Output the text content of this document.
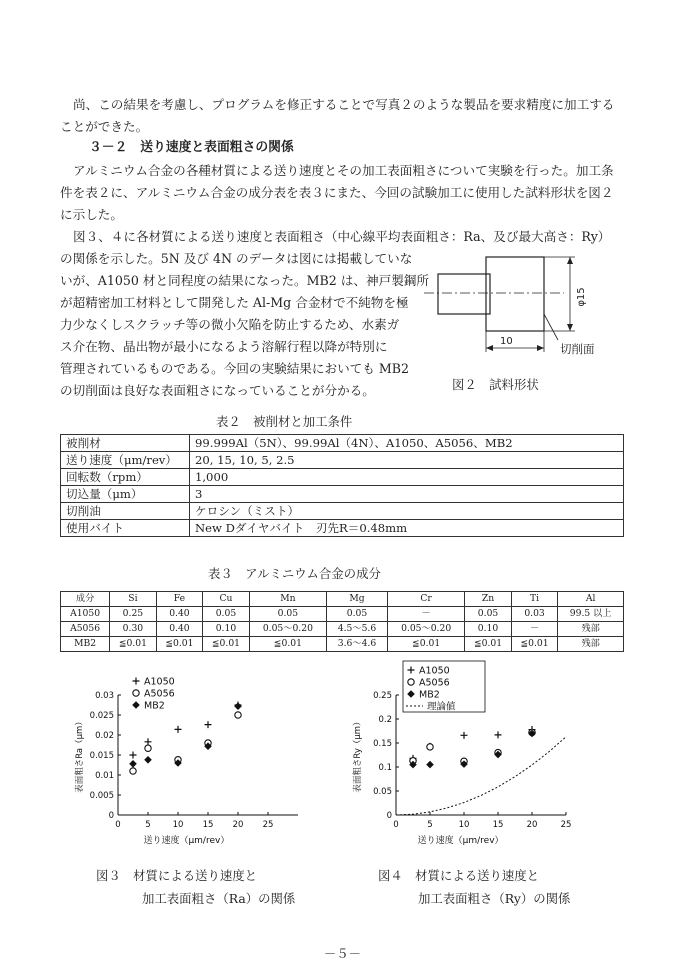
尚、この結果を考慮し、プログラムを修正することで写真２のような製品を要求精度に加工することができた。

３－２　送り速度と表面粗さの関係

アルミニウム合金の各種材質による送り速度とその加工表面粗さについて実験を行った。加工条件を表２に、アルミニウム合金の成分表を表３にまた、今回の試験加工に使用した試料形状を図２に示した。

図３、４に各材質による送り速度と表面粗さ（中心線平均表面粗さ：Ra、及び最大高さ：Ry）
の関係を示した。5N 及び 4N のデータは図には掲載していな
いが、A1050 材と同程度の結果になった。MB2 は、神戸製鋼所
が超精密加工材料として開発した Al-Mg 合金材で不純物を極
力少なくしスクラッチ等の微小欠陥を防止するため、水素ガ
ス介在物、晶出物が最小になるよう溶解行程以降が特別に
管理されているものである。今回の実験結果においても MB2
の切削面は良好な表面粗さになっていることが分かる。
φ15
10
切削面
図２　試料形状
表２　被削材と加工条件
被削材	99.999Al（5N）、99.99Al（4N）、A1050、A5056、MB2
送り速度（μm/rev）	20, 15, 10, 5, 2.5
回転数（rpm）	1,000
切込量（μm）	3
切削油	ケロシン（ミスト）
使用バイト	New Dダイヤバイト　刃先R＝0.48mm
表３　アルミニウム合金の成分
成分	Si	Fe	Cu	Mn	Mg	Cr	Zn	Ti	Al
A1050	0.25	0.40	0.05	0.05	0.05	－	0.05	0.03	99.5 以上
A5056	0.30	0.40	0.10	0.05～0.20	4.5～5.6	0.05～0.20	0.10	－	残部
MB2	≦0.01	≦0.01	≦0.01	≦0.01	3.6～4.6	≦0.01	≦0.01	≦0.01	残部
0
0.005
0.01
0.015
0.02
0.025
0.03
0	5	10 15 20 25
送り速度（μm/rev）
表面粗さRa（μm）
A1050
A5056
MB2
0
0.05
0.1
0.15
0.2
0.25
0	5	10	15	20	25
送り速度（μm/rev）
表面粗さRy（μm）
A1050
A5056
MB2
理論値
図３　材質による送り速度と
加工表面粗さ（Ra）の関係
図４　材質による送り速度と
加工表面粗さ（Ry）の関係
－５－
